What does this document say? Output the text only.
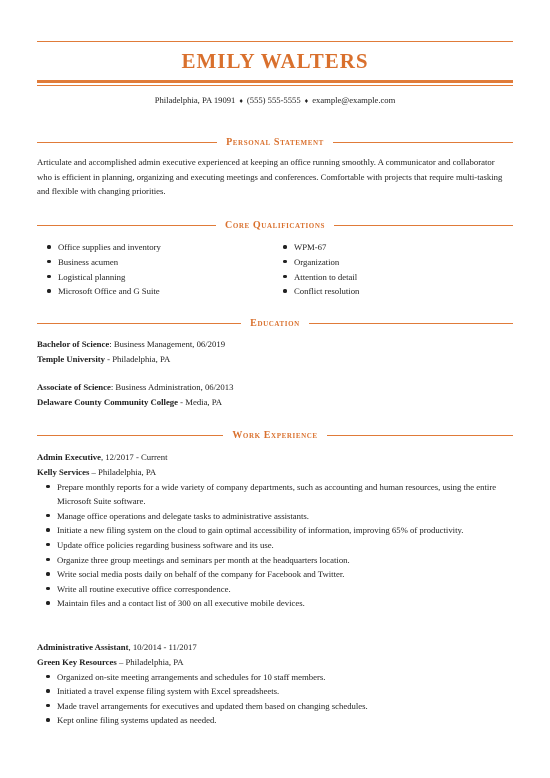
EMILY WALTERS
Philadelphia, PA 19091 ♦ (555) 555-5555 ♦ example@example.com
Personal Statement
Articulate and accomplished admin executive experienced at keeping an office running smoothly. A communicator and collaborator who is efficient in planning, organizing and executing meetings and conferences. Comfortable with projects that require multi-tasking and flexible with changing priorities.
Core Qualifications
Office supplies and inventory
Business acumen
Logistical planning
Microsoft Office and G Suite
WPM-67
Organization
Attention to detail
Conflict resolution
Education
Bachelor of Science: Business Management, 06/2019
Temple University - Philadelphia, PA
Associate of Science: Business Administration, 06/2013
Delaware County Community College - Media, PA
Work Experience
Admin Executive, 12/2017 - Current
Kelly Services – Philadelphia, PA
Prepare monthly reports for a wide variety of company departments, such as accounting and human resources, using the entire Microsoft Suite software.
Manage office operations and delegate tasks to administrative assistants.
Initiate a new filing system on the cloud to gain optimal accessibility of information, improving 65% of productivity.
Update office policies regarding business software and its use.
Organize three group meetings and seminars per month at the headquarters location.
Write social media posts daily on behalf of the company for Facebook and Twitter.
Write all routine executive office correspondence.
Maintain files and a contact list of 300 on all executive mobile devices.
Administrative Assistant, 10/2014 - 11/2017
Green Key Resources – Philadelphia, PA
Organized on-site meeting arrangements and schedules for 10 staff members.
Initiated a travel expense filing system with Excel spreadsheets.
Made travel arrangements for executives and updated them based on changing schedules.
Kept online filing systems updated as needed.
